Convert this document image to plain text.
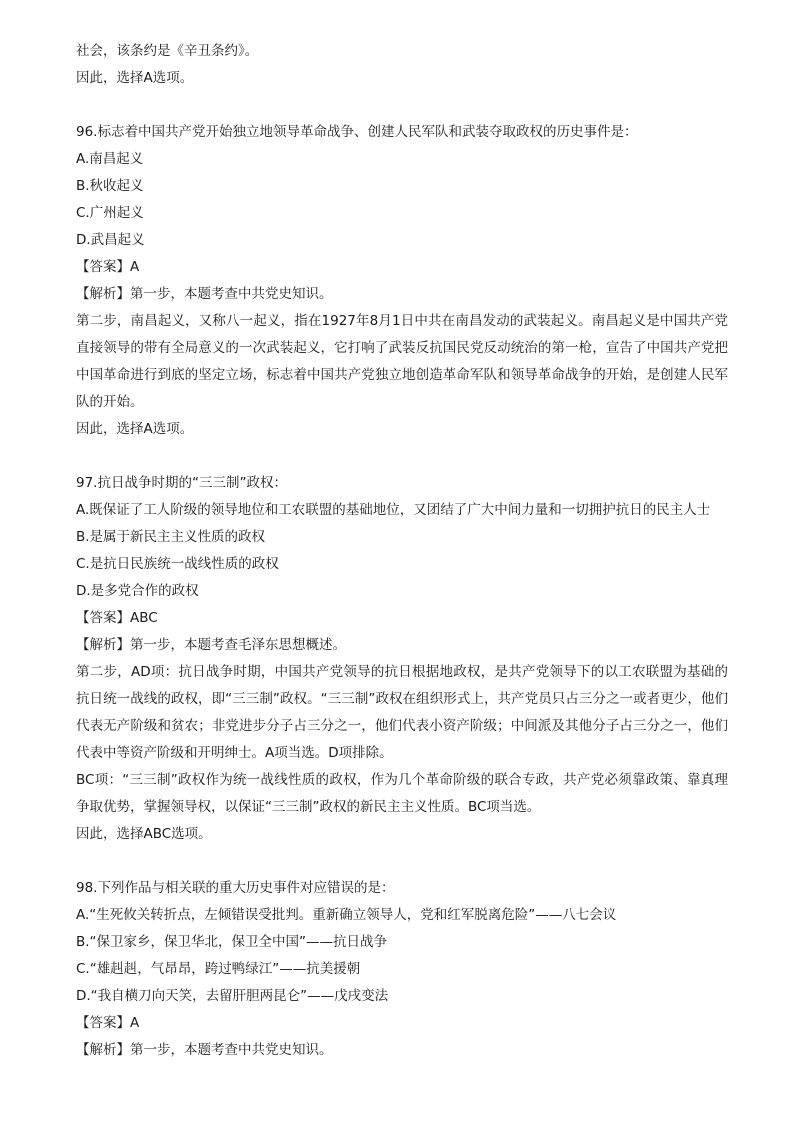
社会，该条约是《辛丑条约》。
因此，选择A选项。
96.标志着中国共产党开始独立地领导革命战争、创建人民军队和武装夺取政权的历史事件是：
A.南昌起义
B.秋收起义
C.广州起义
D.武昌起义
【答案】A
【解析】第一步，本题考查中共党史知识。
第二步，南昌起义，又称八一起义，指在1927年8月1日中共在南昌发动的武装起义。南昌起义是中国共产党直接领导的带有全局意义的一次武装起义，它打响了武装反抗国民党反动统治的第一枪，宣告了中国共产党把中国革命进行到底的坚定立场，标志着中国共产党独立地创造革命军队和领导革命战争的开始，是创建人民军队的开始。
因此，选择A选项。
97.抗日战争时期的“三三制”政权：
A.既保证了工人阶级的领导地位和工农联盟的基础地位，又团结了广大中间力量和一切拥护抗日的民主人士
B.是属于新民主主义性质的政权
C.是抗日民族统一战线性质的政权
D.是多党合作的政权
【答案】ABC
【解析】第一步，本题考查毛泽东思想概述。
第二步，AD项：抗日战争时期，中国共产党领导的抗日根据地政权，是共产党领导下的以工农联盟为基础的抗日统一战线的政权，即“三三制”政权。“三三制”政权在组织形式上，共产党员只占三分之一或者更少，他们代表无产阶级和贫农；非党进步分子占三分之一，他们代表小资产阶级；中间派及其他分子占三分之一，他们代表中等资产阶级和开明绅士。A项当选。D项排除。
BC项：“三三制”政权作为统一战线性质的政权，作为几个革命阶级的联合专政，共产党必须靠政策、靠真理争取优势，掌握领导权，以保证“三三制”政权的新民主主义性质。BC项当选。
因此，选择ABC选项。
98.下列作品与相关联的重大历史事件对应错误的是：
A.“生死攸关转折点，左倾错误受批判。重新确立领导人，党和红军脱离危险”——八七会议
B.“保卫家乡，保卫华北，保卫全中国”——抗日战争
C.“雄赳赳，气昂昂，跨过鸭绿江”——抗美援朝
D.“我自横刀向天笑，去留肝胆两昆仑”——戊戌变法
【答案】A
【解析】第一步，本题考查中共党史知识。
